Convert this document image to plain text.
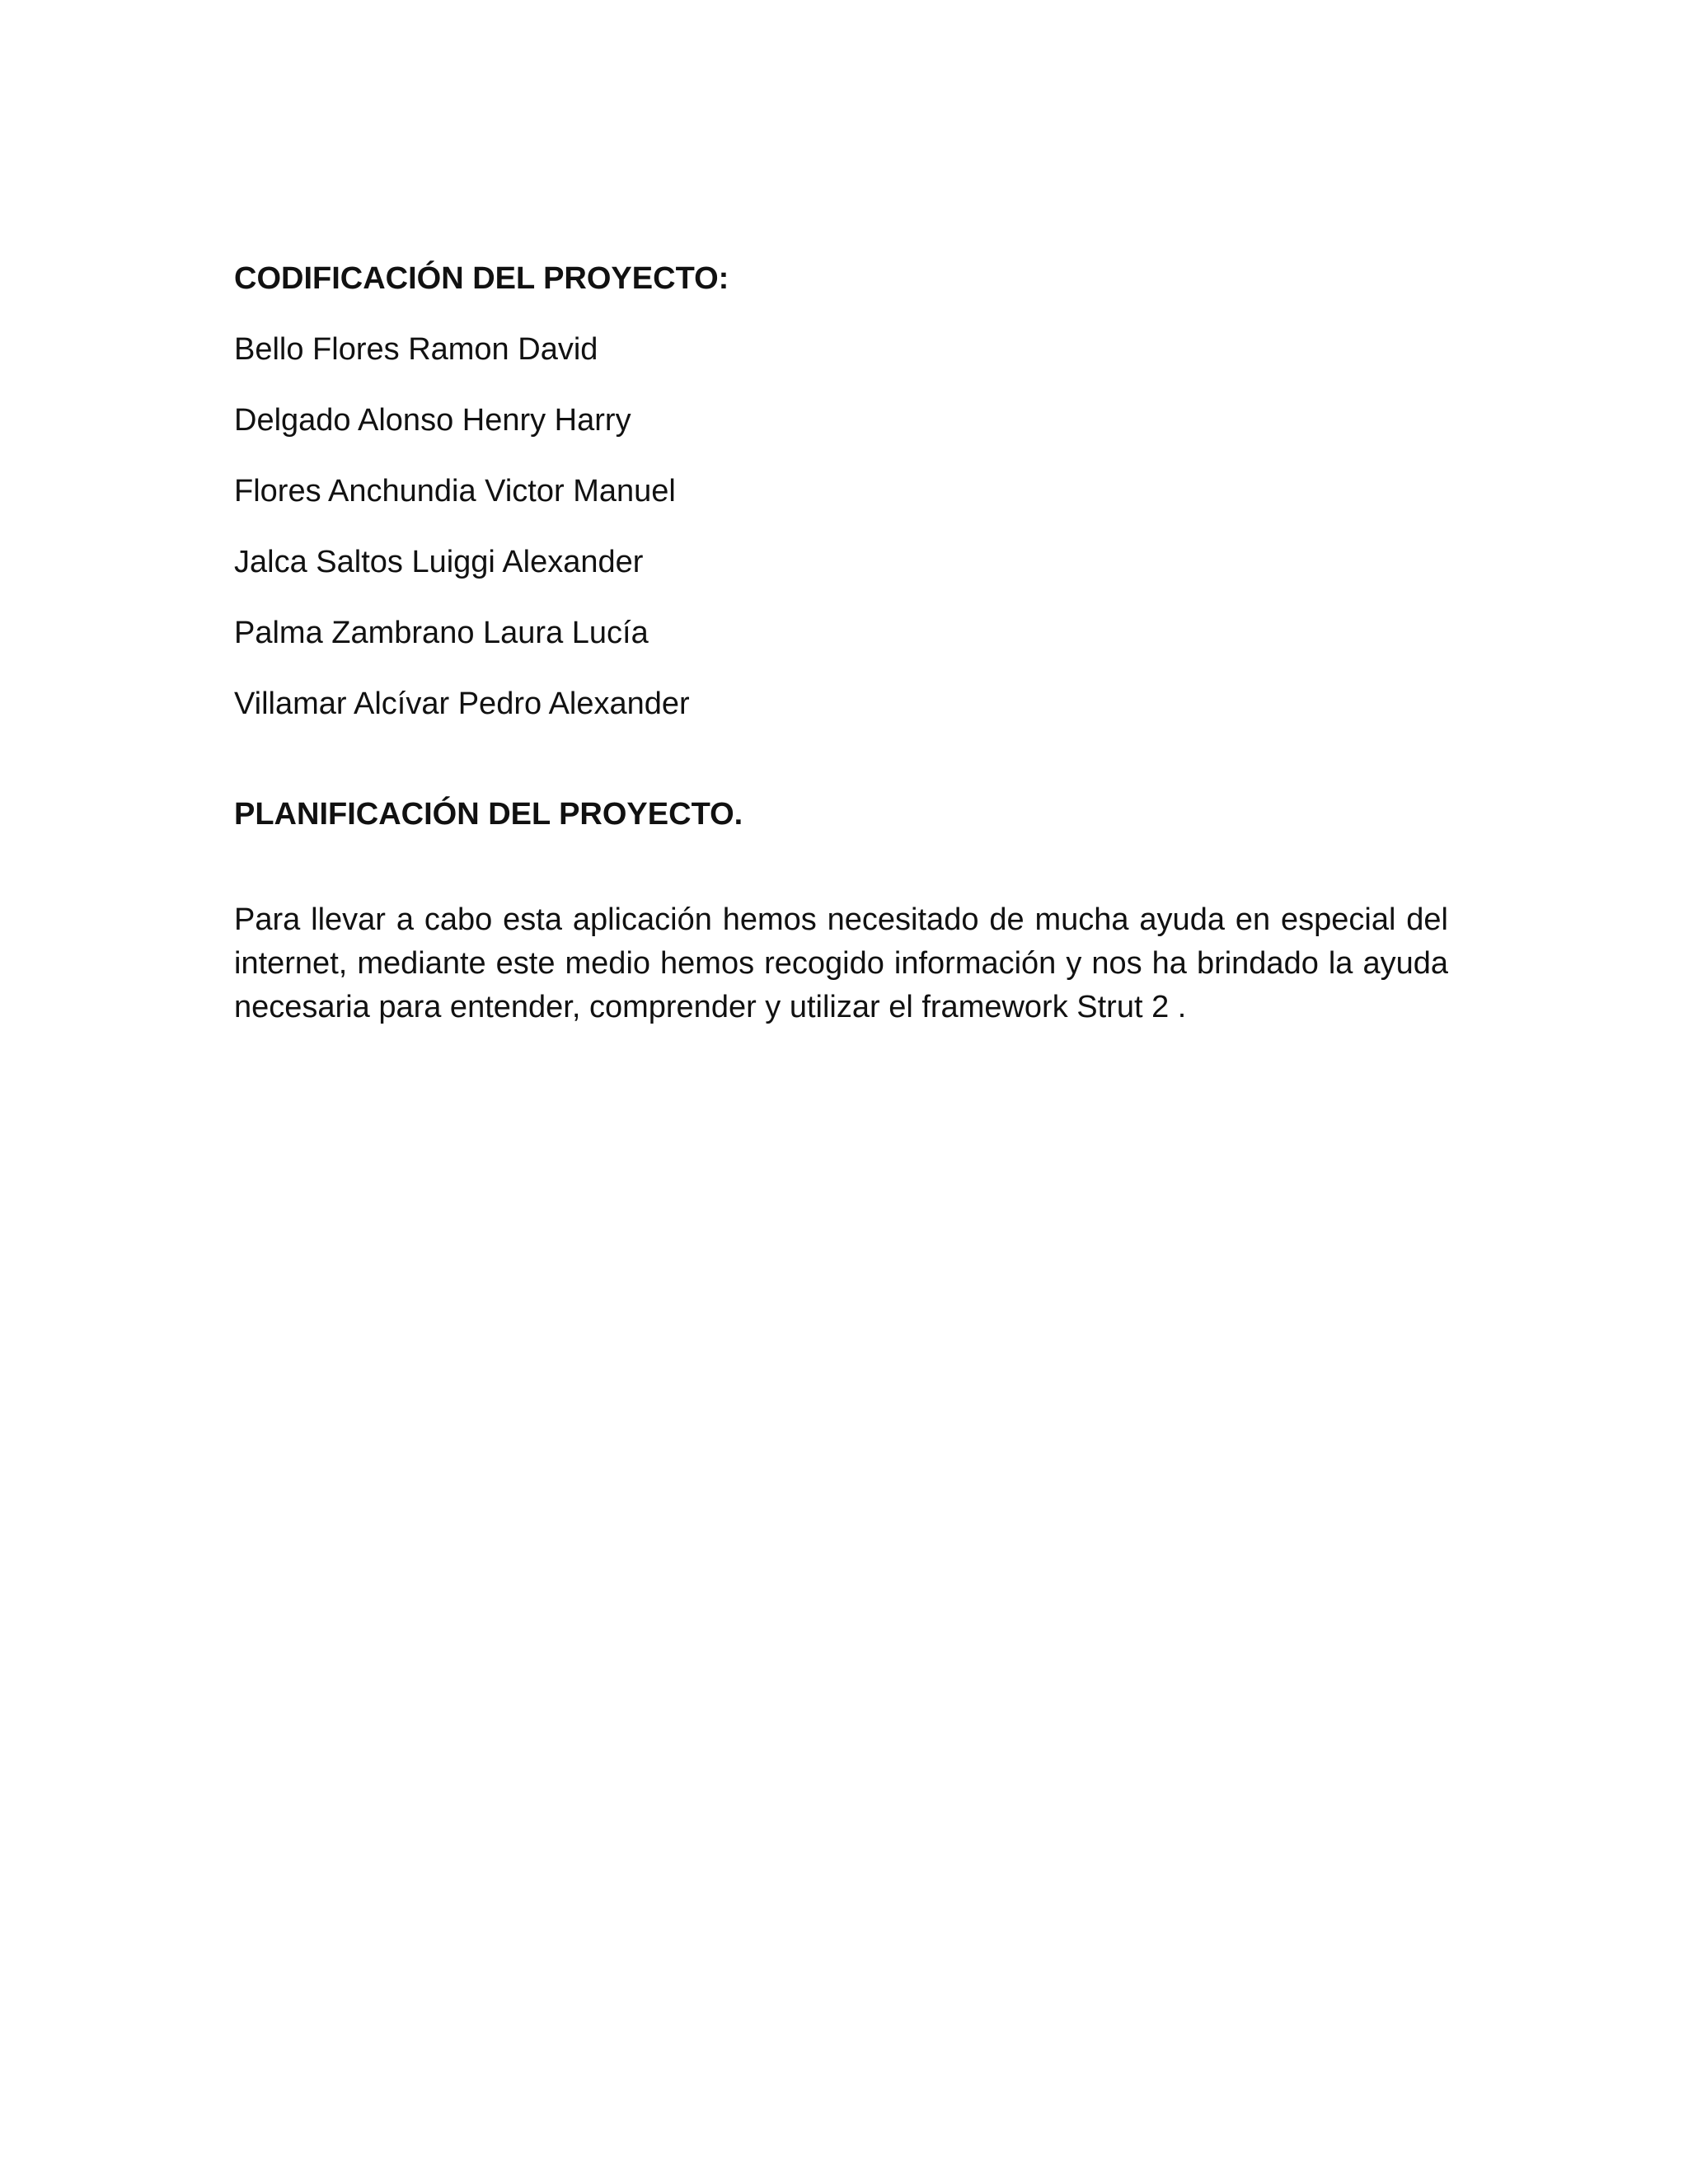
CODIFICACIÓN DEL PROYECTO:
Bello Flores Ramon David
Delgado Alonso Henry Harry
Flores Anchundia Victor Manuel
Jalca Saltos Luiggi Alexander
Palma Zambrano Laura Lucía
Villamar Alcívar Pedro Alexander
PLANIFICACIÓN DEL PROYECTO.

Para llevar a cabo esta aplicación hemos necesitado de mucha ayuda en especial del internet, mediante este medio hemos recogido información y nos ha brindado la ayuda necesaria para entender, comprender y utilizar el framework Strut 2 .
